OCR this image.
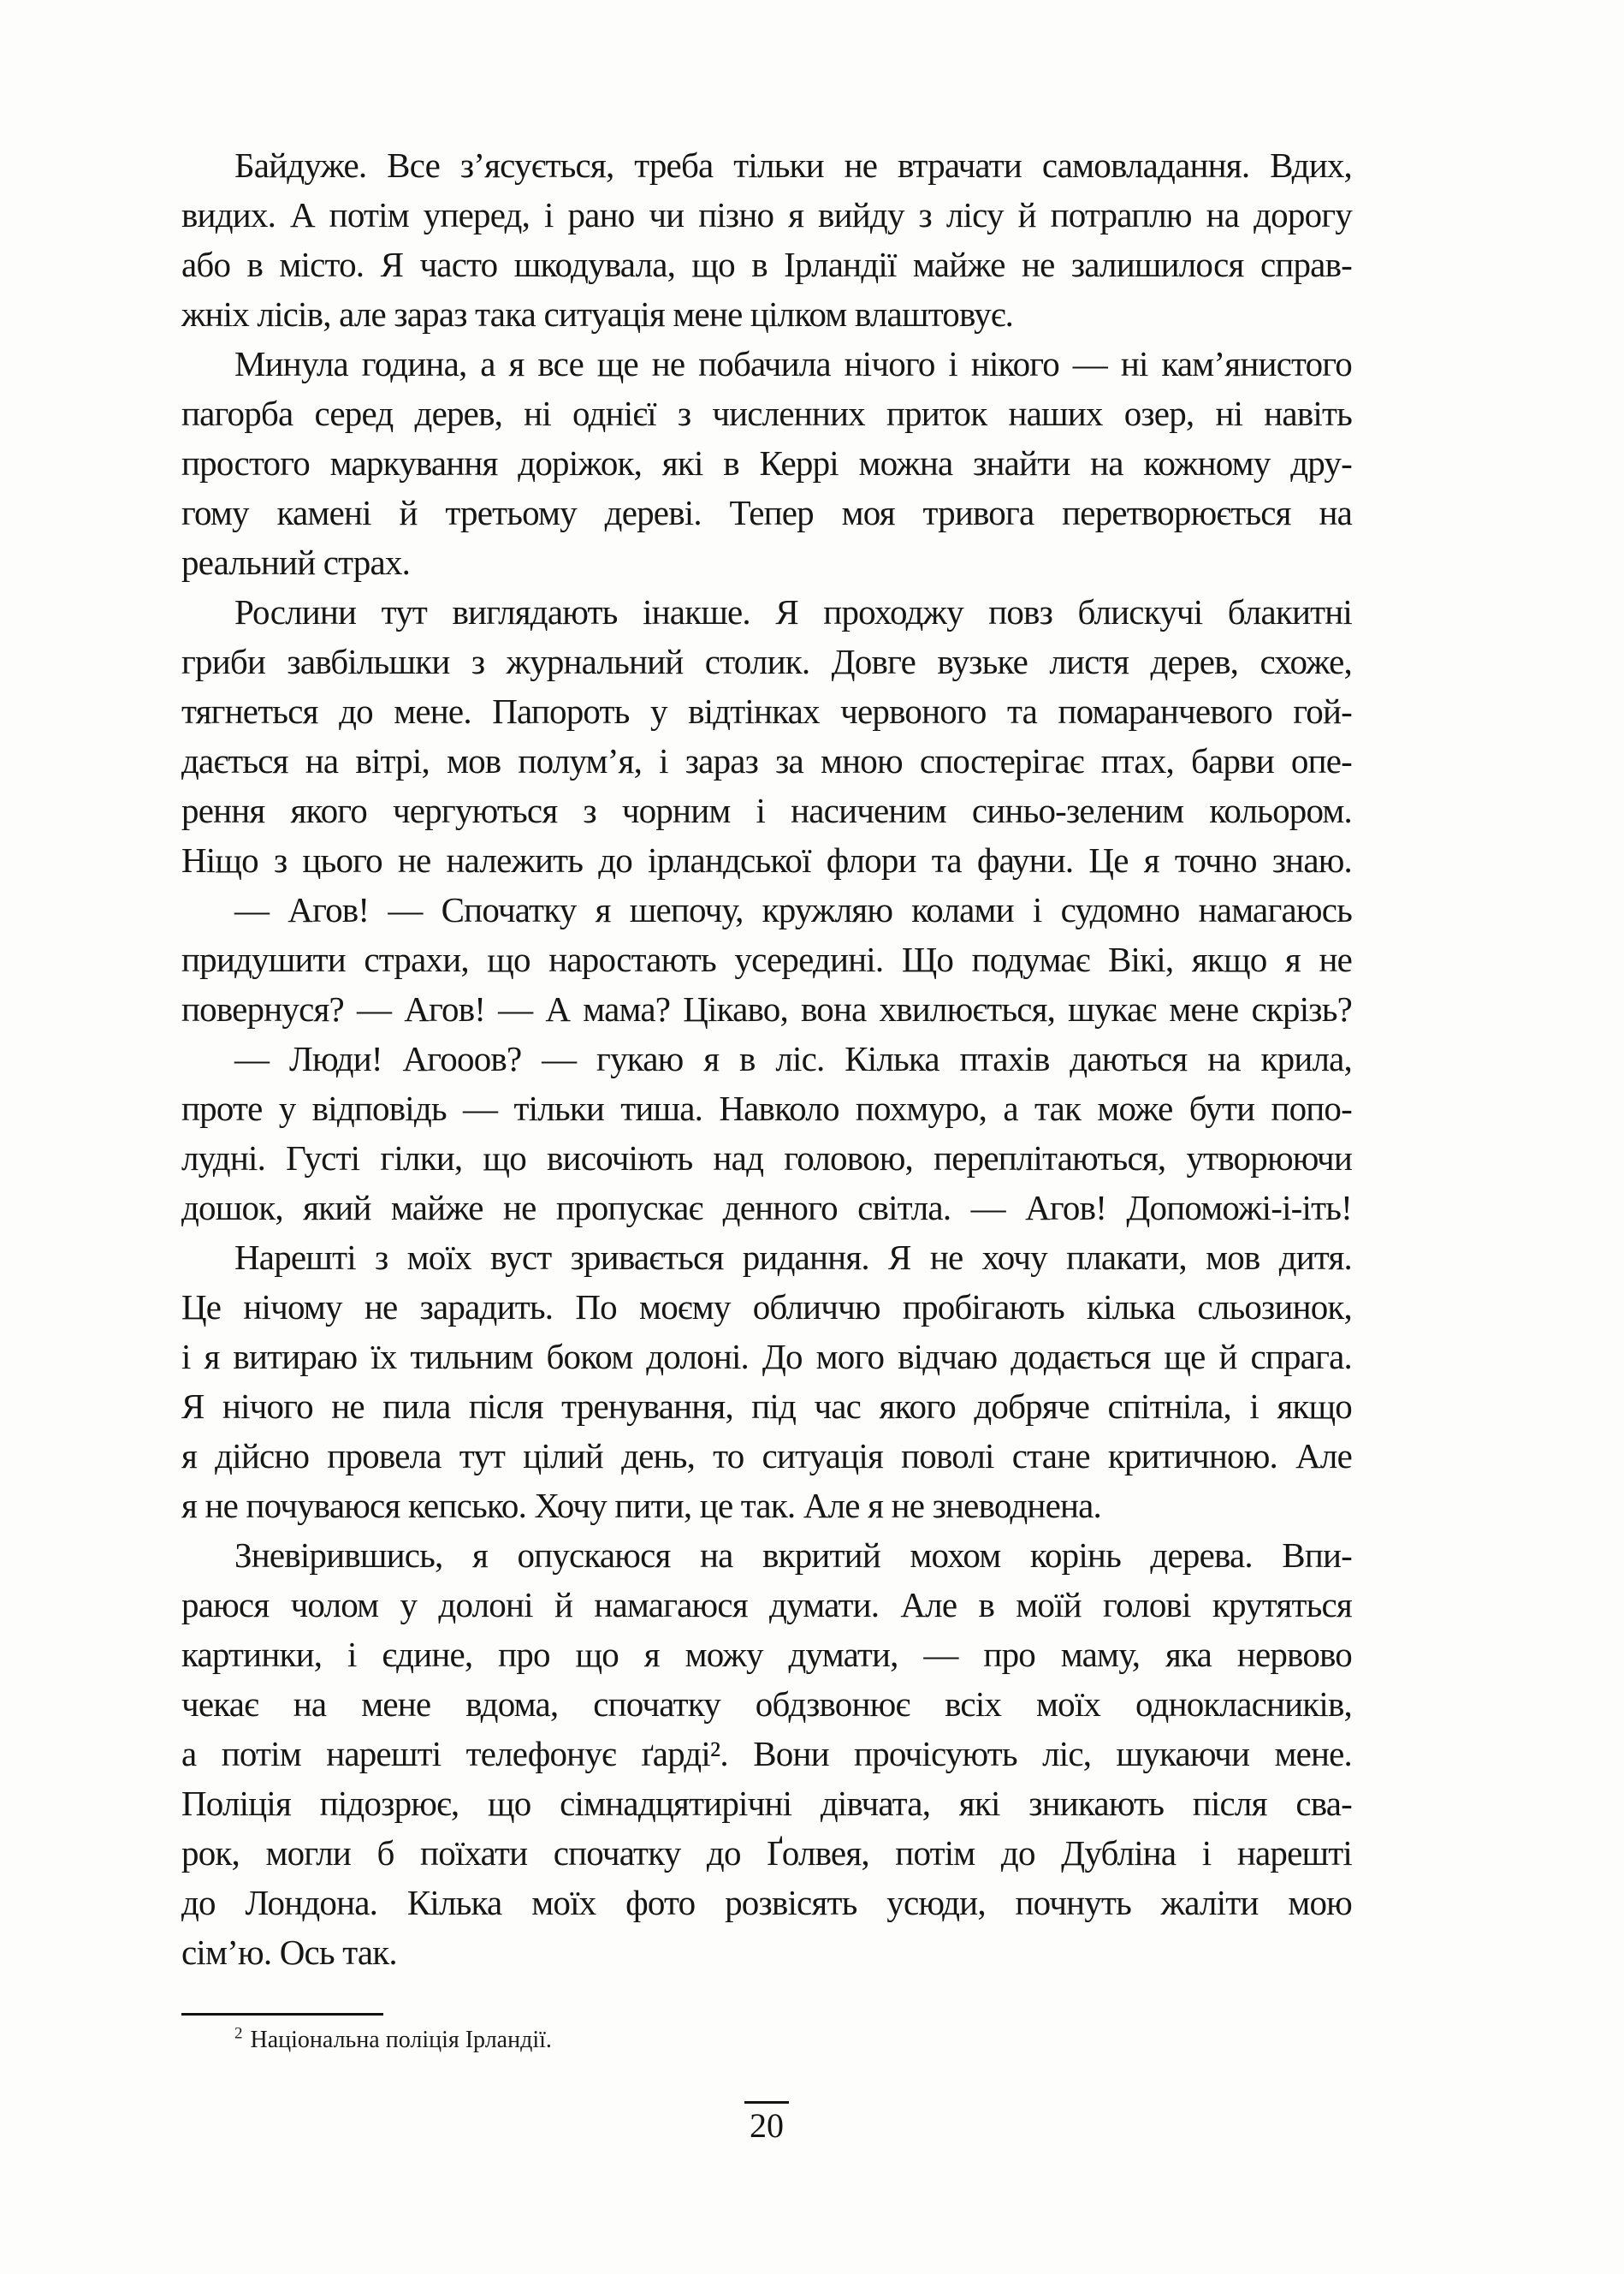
Байдуже. Все з’ясується, треба тільки не втрачати самовладання. Вдих,
видих. А потім уперед, і рано чи пізно я вийду з лісу й потраплю на дорогу
або в місто. Я часто шкодувала, що в Ірландії майже не залишилося справ-
жніх лісів, але зараз така ситуація мене цілком влаштовує.
Минула година, а я все ще не побачила нічого і нікого — ні кам’янистого
пагорба серед дерев, ні однієї з численних приток наших озер, ні навіть
простого маркування доріжок, які в Керрі можна знайти на кожному дру-
гому камені й третьому дереві. Тепер моя тривога перетворюється на
реальний страх.
Рослини тут виглядають інакше. Я проходжу повз блискучі блакитні
гриби завбільшки з журнальний столик. Довге вузьке листя дерев, схоже,
тягнеться до мене. Папороть у відтінках червоного та помаранчевого гой-
дається на вітрі, мов полум’я, і зараз за мною спостерігає птах, барви опе-
рення якого чергуються з чорним і насиченим синьо-зеленим кольором.
Ніщо з цього не належить до ірландської флори та фауни. Це я точно знаю.
— Агов! — Спочатку я шепочу, кружляю колами і судомно намагаюсь
придушити страхи, що наростають усередині. Що подумає Вікі, якщо я не
повернуся? — Агов! — А мама? Цікаво, вона хвилюється, шукає мене скрізь?
— Люди! Агооов? — гукаю я в ліс. Кілька птахів даються на крила,
проте у відповідь — тільки тиша. Навколо похмуро, а так може бути попо-
лудні. Густі гілки, що височіють над головою, переплітаються, утворюючи
дошок, який майже не пропускає денного світла. — Агов! Допоможі-і-іть!
Нарешті з моїх вуст зривається ридання. Я не хочу плакати, мов дитя.
Це нічому не зарадить. По моєму обличчю пробігають кілька сльозинок,
і я витираю їх тильним боком долоні. До мого відчаю додається ще й спрага.
Я нічого не пила після тренування, під час якого добряче спітніла, і якщо
я дійсно провела тут цілий день, то ситуація поволі стане критичною. Але
я не почуваюся кепсько. Хочу пити, це так. Але я не зневоднена.
Зневірившись, я опускаюся на вкритий мохом корінь дерева. Впи-
раюся чолом у долоні й намагаюся думати. Але в моїй голові крутяться
картинки, і єдине, про що я можу думати, — про маму, яка нервово
чекає на мене вдома, спочатку обдзвонює всіх моїх однокласників,
а потім нарешті телефонує ґарді². Вони прочісують ліс, шукаючи мене.
Поліція підозрює, що сімнадцятирічні дівчата, які зникають після сва-
рок, могли б поїхати спочатку до Ґолвея, потім до Дубліна і нарешті
до Лондона. Кілька моїх фото розвісять усюди, почнуть жаліти мою
сім’ю. Ось так.
$^2$ Національна поліція Ірландії.
20
